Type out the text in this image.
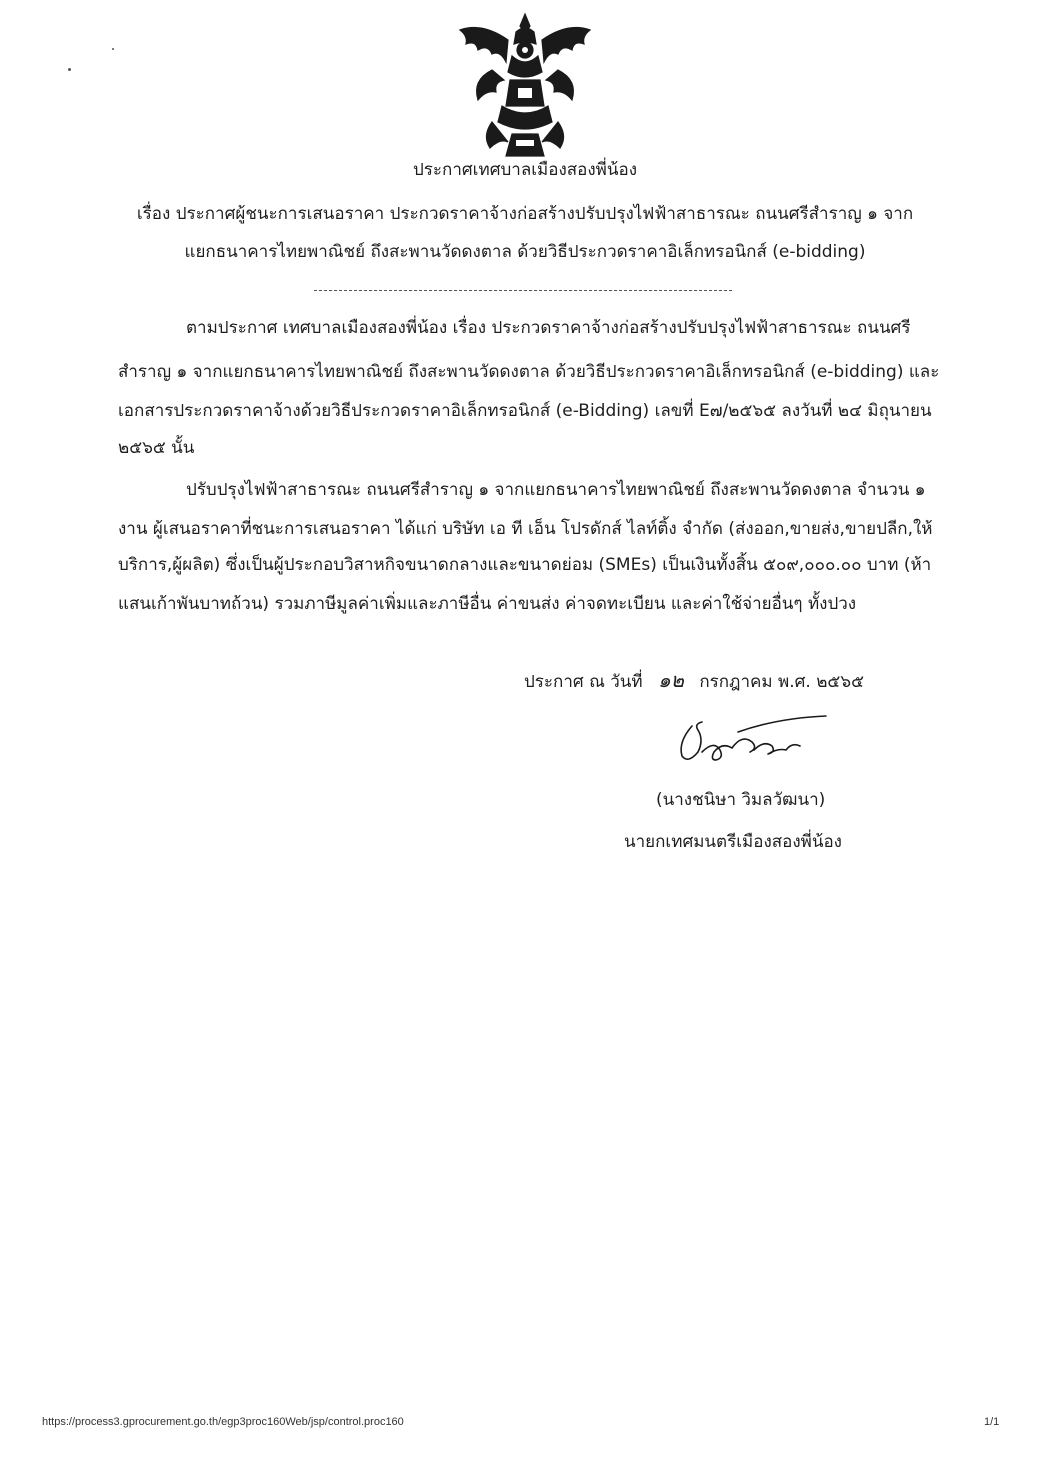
ประกาศเทศบาลเมืองสองพี่น้อง
เรื่อง ประกาศผู้ชนะการเสนอราคา ประกวดราคาจ้างก่อสร้างปรับปรุงไฟฟ้าสาธารณะ ถนนศรีสำราญ ๑ จาก
แยกธนาคารไทยพาณิชย์ ถึงสะพานวัดดงตาล ด้วยวิธีประกวดราคาอิเล็กทรอนิกส์ (e-bidding)
ตามประกาศ เทศบาลเมืองสองพี่น้อง เรื่อง ประกวดราคาจ้างก่อสร้างปรับปรุงไฟฟ้าสาธารณะ ถนนศรี
สำราญ ๑ จากแยกธนาคารไทยพาณิชย์ ถึงสะพานวัดดงตาล ด้วยวิธีประกวดราคาอิเล็กทรอนิกส์ (e-bidding) และ
เอกสารประกวดราคาจ้างด้วยวิธีประกวดราคาอิเล็กทรอนิกส์ (e-Bidding) เลขที่ E๗/๒๕๖๕ ลงวันที่ ๒๔ มิถุนายน
๒๕๖๕ นั้น
ปรับปรุงไฟฟ้าสาธารณะ ถนนศรีสำราญ ๑ จากแยกธนาคารไทยพาณิชย์ ถึงสะพานวัดดงตาล จำนวน ๑
งาน ผู้เสนอราคาที่ชนะการเสนอราคา ได้แก่ บริษัท เอ ที เอ็น โปรดักส์ ไลท์ติ้ง จำกัด (ส่งออก,ขายส่ง,ขายปลีก,ให้
บริการ,ผู้ผลิต) ซึ่งเป็นผู้ประกอบวิสาหกิจขนาดกลางและขนาดย่อม (SMEs) เป็นเงินทั้งสิ้น ๕๐๙,๐๐๐.๐๐ บาท (ห้า
แสนเก้าพันบาทถ้วน) รวมภาษีมูลค่าเพิ่มและภาษีอื่น ค่าขนส่ง ค่าจดทะเบียน และค่าใช้จ่ายอื่นๆ ทั้งปวง
ประกาศ ณ วันที่ ๑๒ กรกฎาคม พ.ศ. ๒๕๖๕
(นางชนิษา วิมลวัฒนา)
นายกเทศมนตรีเมืองสองพี่น้อง
https://process3.gprocurement.go.th/egp3proc160Web/jsp/control.proc160	1/1
